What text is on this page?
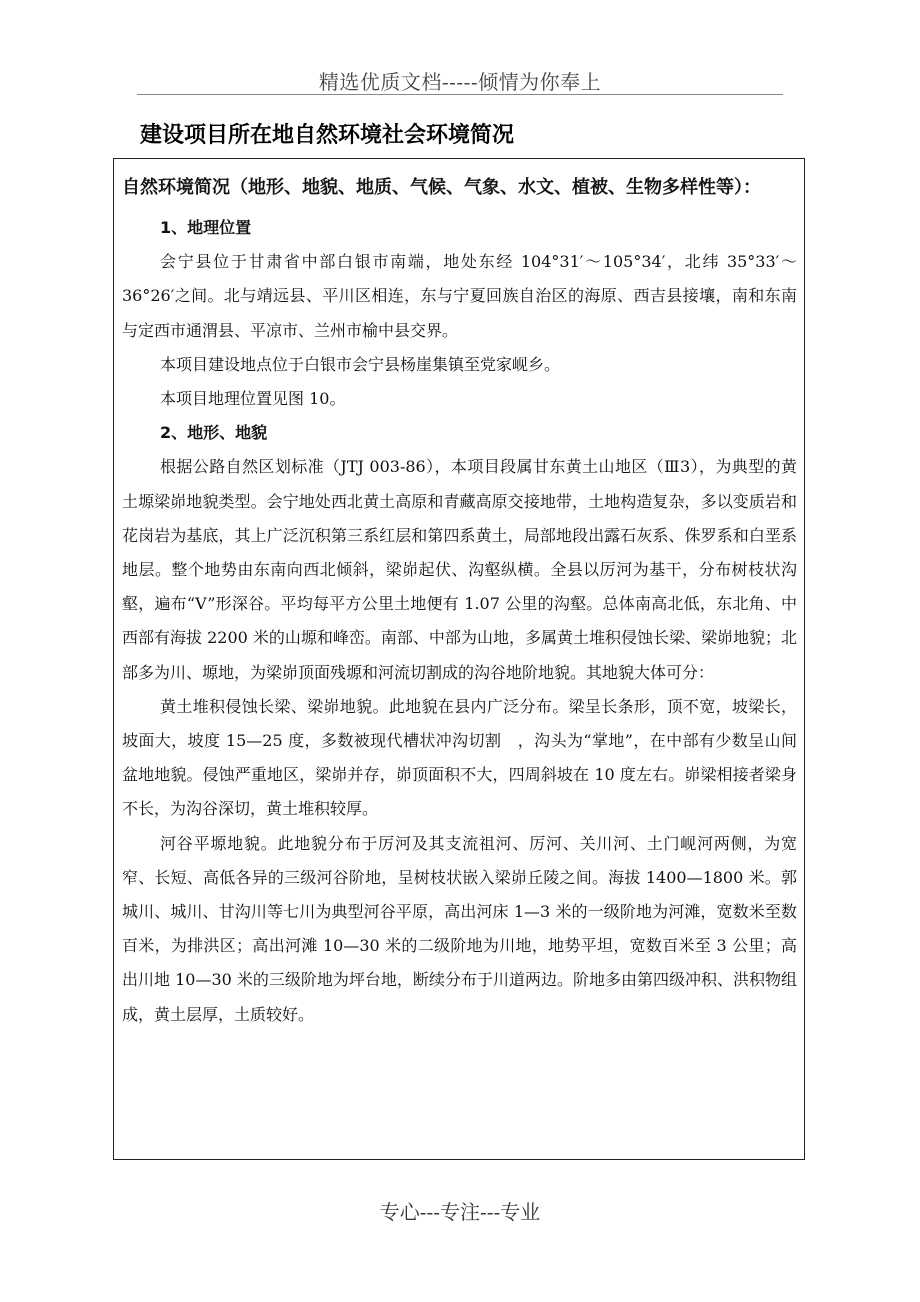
精选优质文档-----倾情为你奉上
建设项目所在地自然环境社会环境简况
自然环境简况（地形、地貌、地质、气候、气象、水文、植被、生物多样性等）：
1、地理位置

会宁县位于甘肃省中部白银市南端，地处东经 104°31′～105°34′，北纬 35°33′～36°26′之间。北与靖远县、平川区相连，东与宁夏回族自治区的海原、西吉县接壤，南和东南与定西市通渭县、平凉市、兰州市榆中县交界。

本项目建设地点位于白银市会宁县杨崖集镇至党家岘乡。

本项目地理位置见图 10。

2、地形、地貌

根据公路自然区划标准（JTJ 003-86），本项目段属甘东黄土山地区（Ⅲ3），为典型的黄土塬梁峁地貌类型。会宁地处西北黄土高原和青藏高原交接地带，土地构造复杂，多以变质岩和花岗岩为基底，其上广泛沉积第三系红层和第四系黄土，局部地段出露石灰系、侏罗系和白垩系地层。整个地势由东南向西北倾斜，梁峁起伏、沟壑纵横。全县以厉河为基干，分布树枝状沟壑，遍布“V”形深谷。平均每平方公里土地便有 1.07 公里的沟壑。总体南高北低，东北角、中西部有海拔 2200 米的山塬和峰峦。南部、中部为山地，多属黄土堆积侵蚀长梁、梁峁地貌；北部多为川、塬地，为梁峁顶面残塬和河流切割成的沟谷地阶地貌。其地貌大体可分：

黄土堆积侵蚀长梁、梁峁地貌。此地貌在县内广泛分布。梁呈长条形，顶不宽，坡梁长，坡面大，坡度 15—25 度，多数被现代槽状冲沟切割　，沟头为“掌地”，在中部有少数呈山间盆地地貌。侵蚀严重地区，梁峁并存，峁顶面积不大，四周斜坡在 10 度左右。峁梁相接者梁身不长，为沟谷深切，黄土堆积较厚。

河谷平塬地貌。此地貌分布于厉河及其支流祖河、厉河、关川河、土门岘河两侧，为宽窄、长短、高低各异的三级河谷阶地，呈树枝状嵌入梁峁丘陵之间。海拔 1400—1800 米。郭城川、城川、甘沟川等七川为典型河谷平原，高出河床 1—3 米的一级阶地为河滩，宽数米至数百米，为排洪区；高出河滩 10—30 米的二级阶地为川地，地势平坦，宽数百米至 3 公里；高出川地 10—30 米的三级阶地为坪台地，断续分布于川道两边。阶地多由第四级冲积、洪积物组成，黄土层厚，土质较好。

专心---专注---专业
